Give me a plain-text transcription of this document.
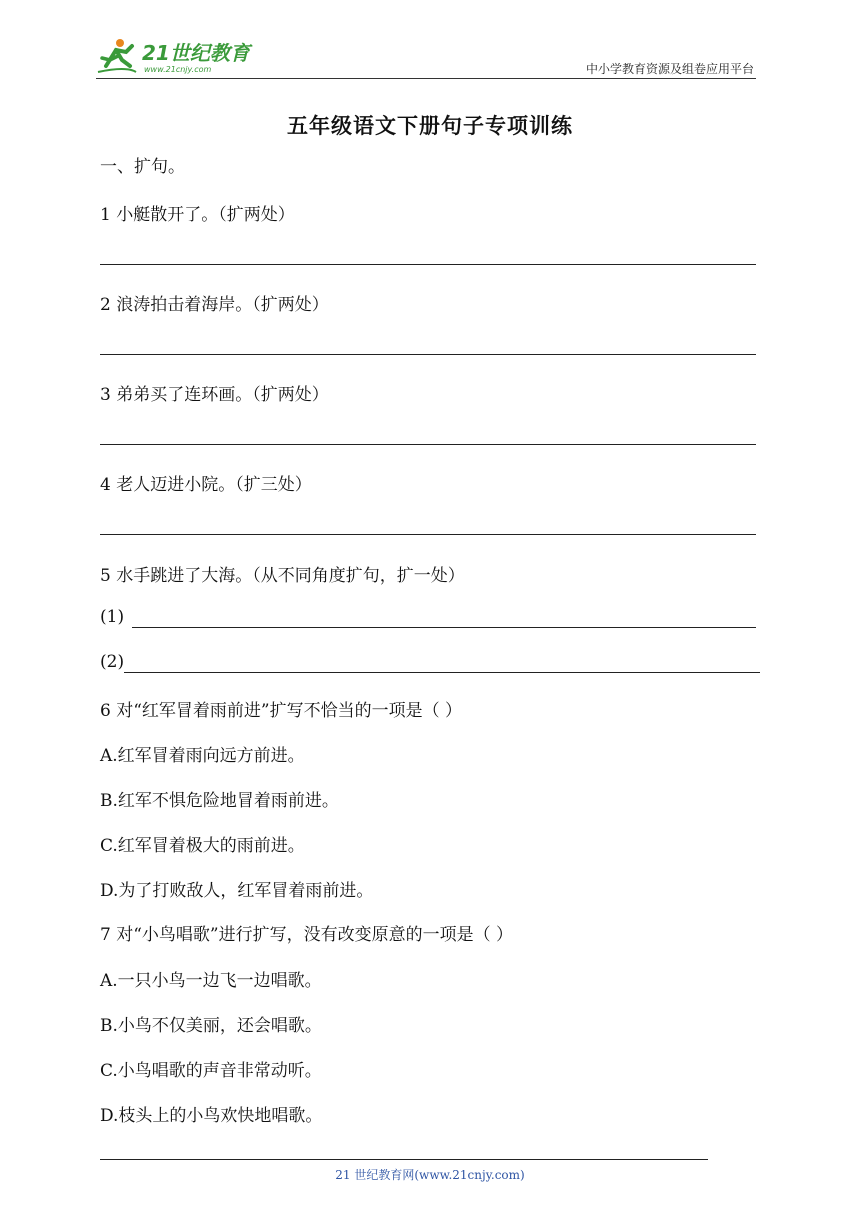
21世纪教育
www.21cnjy.com	中小学教育资源及组卷应用平台
五年级语文下册句子专项训练
一、扩句。
1 小艇散开了。（扩两处）
2 浪涛拍击着海岸。（扩两处）
3 弟弟买了连环画。（扩两处）
4 老人迈进小院。（扩三处）
5 水手跳进了大海。（从不同角度扩句，扩一处）
(1)
(2)
6 对“红军冒着雨前进”扩写不恰当的一项是（ ）
A.红军冒着雨向远方前进。
B.红军不惧危险地冒着雨前进。
C.红军冒着极大的雨前进。
D.为了打败敌人，红军冒着雨前进。
7 对“小鸟唱歌”进行扩写，没有改变原意的一项是（ ）
A.一只小鸟一边飞一边唱歌。
B.小鸟不仅美丽，还会唱歌。
C.小鸟唱歌的声音非常动听。
D.枝头上的小鸟欢快地唱歌。
21 世纪教育网(www.21cnjy.com)
